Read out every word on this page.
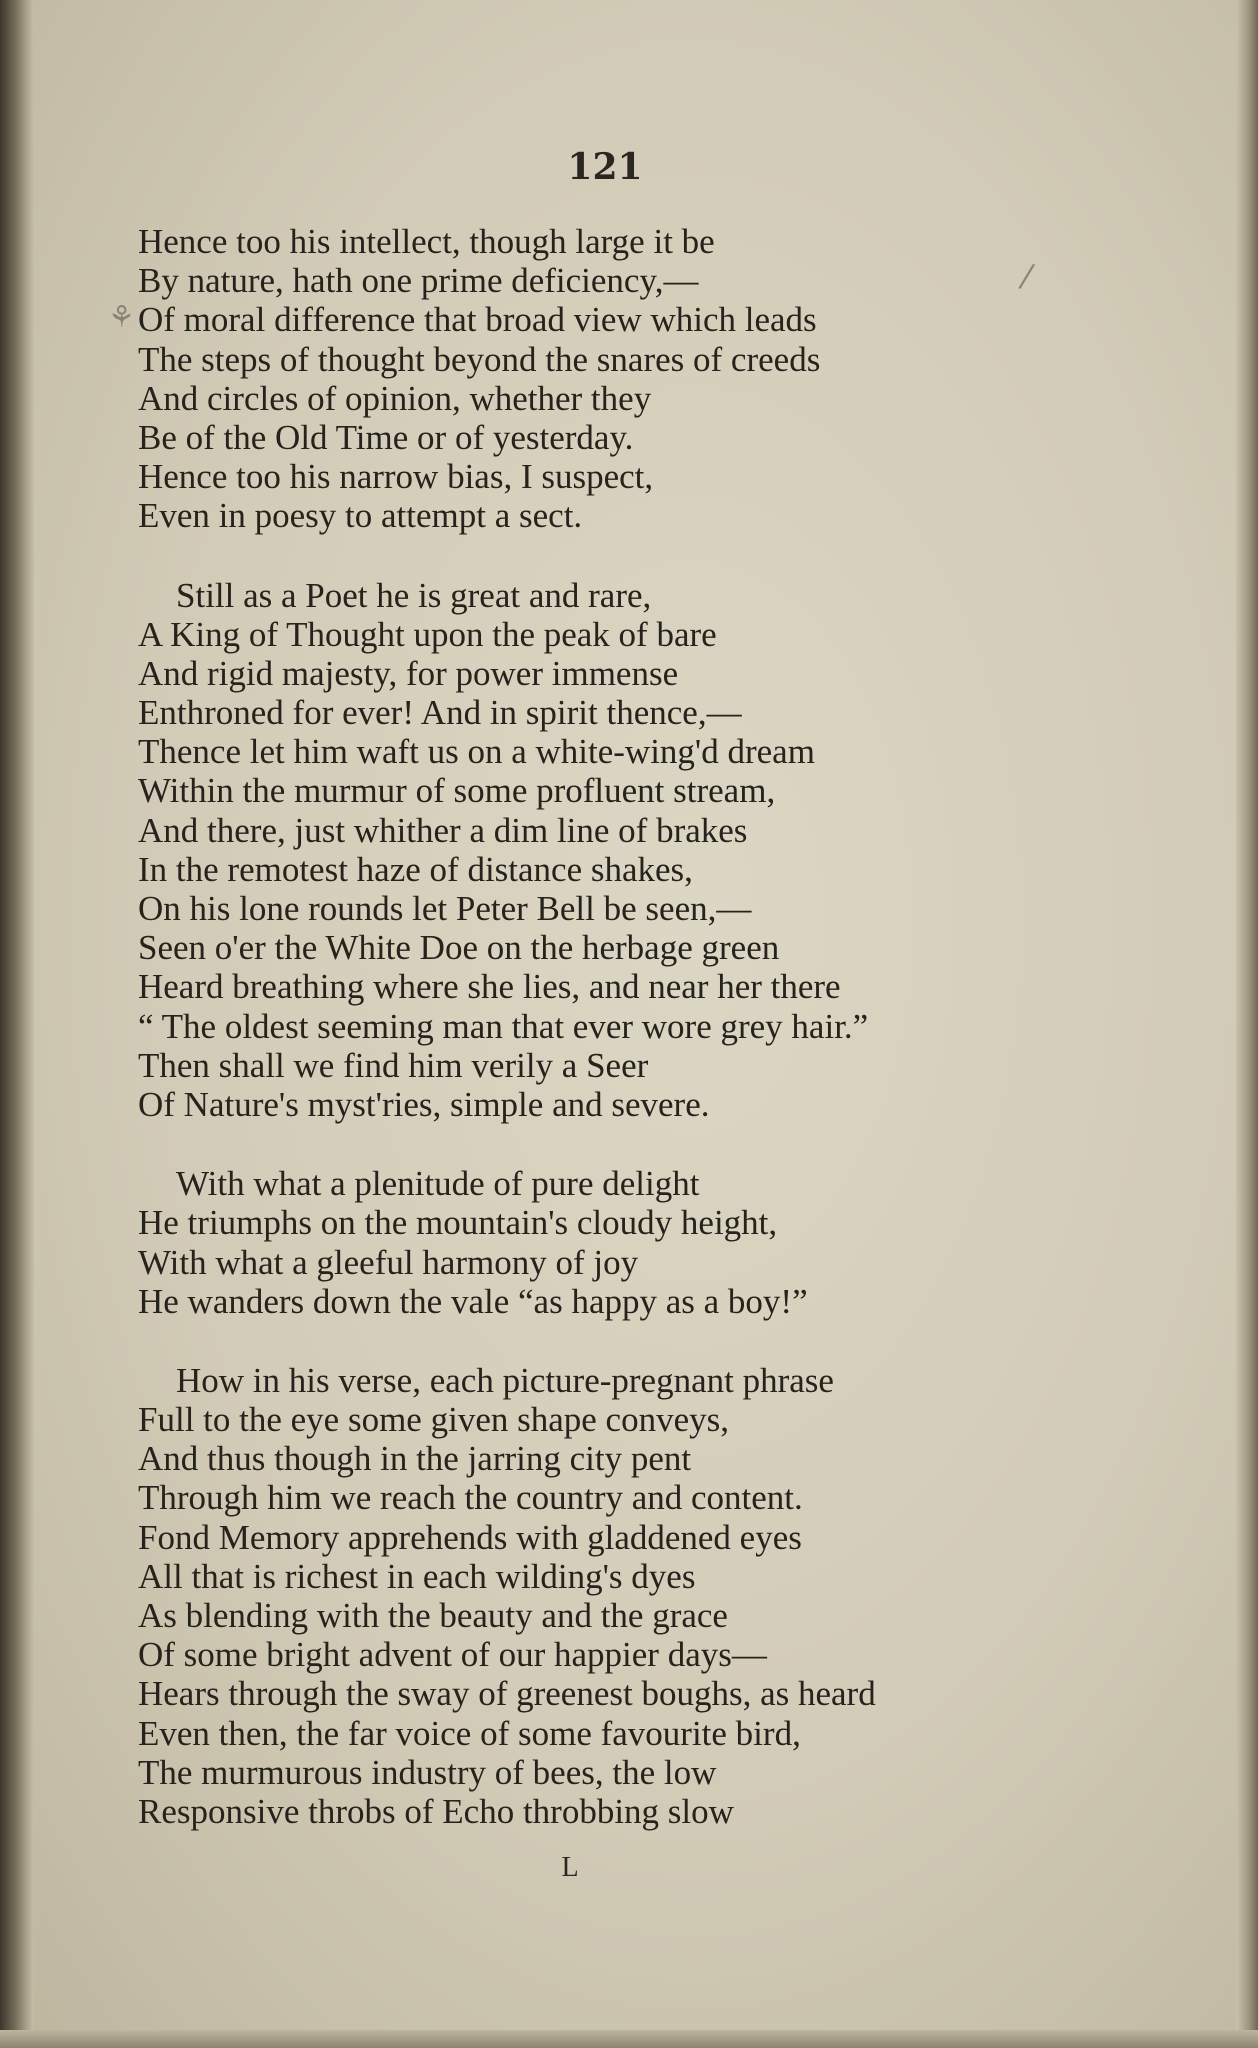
121
⚘
⁄
Hence too his intellect, though large it be
By nature, hath one prime deficiency,—
Of moral difference that broad view which leads
The steps of thought beyond the snares of creeds
And circles of opinion, whether they
Be of the Old Time or of yesterday.
Hence too his narrow bias, I suspect,
Even in poesy to attempt a sect.
Still as a Poet he is great and rare,
A King of Thought upon the peak of bare
And rigid majesty, for power immense
Enthroned for ever! And in spirit thence,—
Thence let him waft us on a white-wing'd dream
Within the murmur of some profluent stream,
And there, just whither a dim line of brakes
In the remotest haze of distance shakes,
On his lone rounds let Peter Bell be seen,—
Seen o'er the White Doe on the herbage green
Heard breathing where she lies, and near her there
“ The oldest seeming man that ever wore grey hair.”
Then shall we find him verily a Seer
Of Nature's myst'ries, simple and severe.
With what a plenitude of pure delight
He triumphs on the mountain's cloudy height,
With what a gleeful harmony of joy
He wanders down the vale “as happy as a boy!”
How in his verse, each picture-pregnant phrase
Full to the eye some given shape conveys,
And thus though in the jarring city pent
Through him we reach the country and content.
Fond Memory apprehends with gladdened eyes
All that is richest in each wilding's dyes
As blending with the beauty and the grace
Of some bright advent of our happier days—
Hears through the sway of greenest boughs, as heard
Even then, the far voice of some favourite bird,
The murmurous industry of bees, the low
Responsive throbs of Echo throbbing slow
L
